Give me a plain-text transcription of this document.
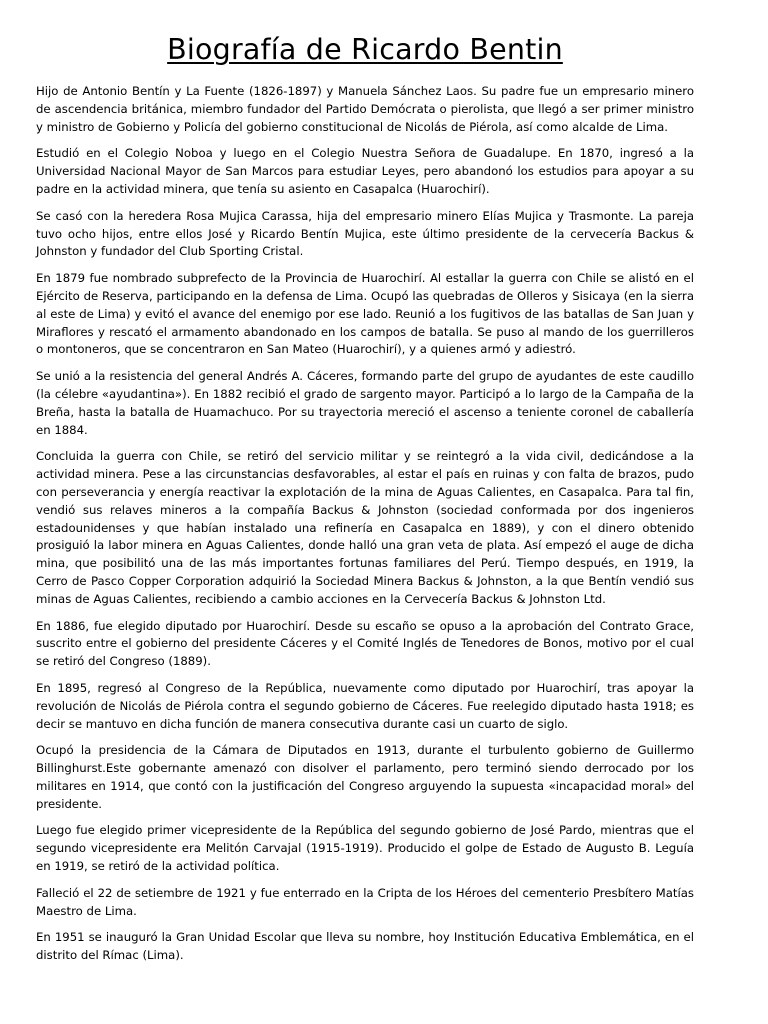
Biografía de Ricardo Bentin

Hijo de Antonio Bentín y La Fuente (1826-1897) y Manuela Sánchez Laos. Su padre fue un empresario minero de ascendencia británica, miembro fundador del Partido Demócrata o pierolista, que llegó a ser primer ministro y ministro de Gobierno y Policía del gobierno constitucional de Nicolás de Piérola, así como alcalde de Lima.

Estudió en el Colegio Noboa y luego en el Colegio Nuestra Señora de Guadalupe. En 1870, ingresó a la Universidad Nacional Mayor de San Marcos para estudiar Leyes, pero abandonó los estudios para apoyar a su padre en la actividad minera, que tenía su asiento en Casapalca (Huarochirí).

Se casó con la heredera Rosa Mujica Carassa, hija del empresario minero Elías Mujica y Trasmonte. La pareja tuvo ocho hijos, entre ellos José y Ricardo Bentín Mujica, este último presidente de la cervecería Backus & Johnston y fundador del Club Sporting Cristal.

En 1879 fue nombrado subprefecto de la Provincia de Huarochirí. Al estallar la guerra con Chile se alistó en el Ejército de Reserva, participando en la defensa de Lima. Ocupó las quebradas de Olleros y Sisicaya (en la sierra al este de Lima) y evitó el avance del enemigo por ese lado. Reunió a los fugitivos de las batallas de San Juan y Miraflores y rescató el armamento abandonado en los campos de batalla. Se puso al mando de los guerrilleros o montoneros, que se concentraron en San Mateo (Huarochirí), y a quienes armó y adiestró.

Se unió a la resistencia del general Andrés A. Cáceres, formando parte del grupo de ayudantes de este caudillo (la célebre «ayudantina»). En 1882 recibió el grado de sargento mayor. Participó a lo largo de la Campaña de la Breña, hasta la batalla de Huamachuco. Por su trayectoria mereció el ascenso a teniente coronel de caballería en 1884.

Concluida la guerra con Chile, se retiró del servicio militar y se reintegró a la vida civil, dedicándose a la actividad minera. Pese a las circunstancias desfavorables, al estar el país en ruinas y con falta de brazos, pudo con perseverancia y energía reactivar la explotación de la mina de Aguas Calientes, en Casapalca. Para tal fin, vendió sus relaves mineros a la compañía Backus & Johnston (sociedad conformada por dos ingenieros estadounidenses y que habían instalado una refinería en Casapalca en 1889), y con el dinero obtenido prosiguió la labor minera en Aguas Calientes, donde halló una gran veta de plata. Así empezó el auge de dicha mina, que posibilitó una de las más importantes fortunas familiares del Perú. Tiempo después, en 1919, la Cerro de Pasco Copper Corporation adquirió la Sociedad Minera Backus & Johnston, a la que Bentín vendió sus minas de Aguas Calientes, recibiendo a cambio acciones en la Cervecería Backus & Johnston Ltd.

En 1886, fue elegido diputado por Huarochirí. Desde su escaño se opuso a la aprobación del Contrato Grace, suscrito entre el gobierno del presidente Cáceres y el Comité Inglés de Tenedores de Bonos, motivo por el cual se retiró del Congreso (1889).

En 1895, regresó al Congreso de la República, nuevamente como diputado por Huarochirí, tras apoyar la revolución de Nicolás de Piérola contra el segundo gobierno de Cáceres. Fue reelegido diputado hasta 1918; es decir se mantuvo en dicha función de manera consecutiva durante casi un cuarto de siglo.

Ocupó la presidencia de la Cámara de Diputados en 1913, durante el turbulento gobierno de Guillermo Billinghurst.Este gobernante amenazó con disolver el parlamento, pero terminó siendo derrocado por los militares en 1914, que contó con la justificación del Congreso arguyendo la supuesta «incapacidad moral» del presidente.

Luego fue elegido primer vicepresidente de la República del segundo gobierno de José Pardo, mientras que el segundo vicepresidente era Melitón Carvajal (1915-1919). Producido el golpe de Estado de Augusto B. Leguía en 1919, se retiró de la actividad política.

Falleció el 22 de setiembre de 1921 y fue enterrado en la Cripta de los Héroes del cementerio Presbítero Matías Maestro de Lima.

En 1951 se inauguró la Gran Unidad Escolar que lleva su nombre, hoy Institución Educativa Emblemática, en el distrito del Rímac (Lima).
